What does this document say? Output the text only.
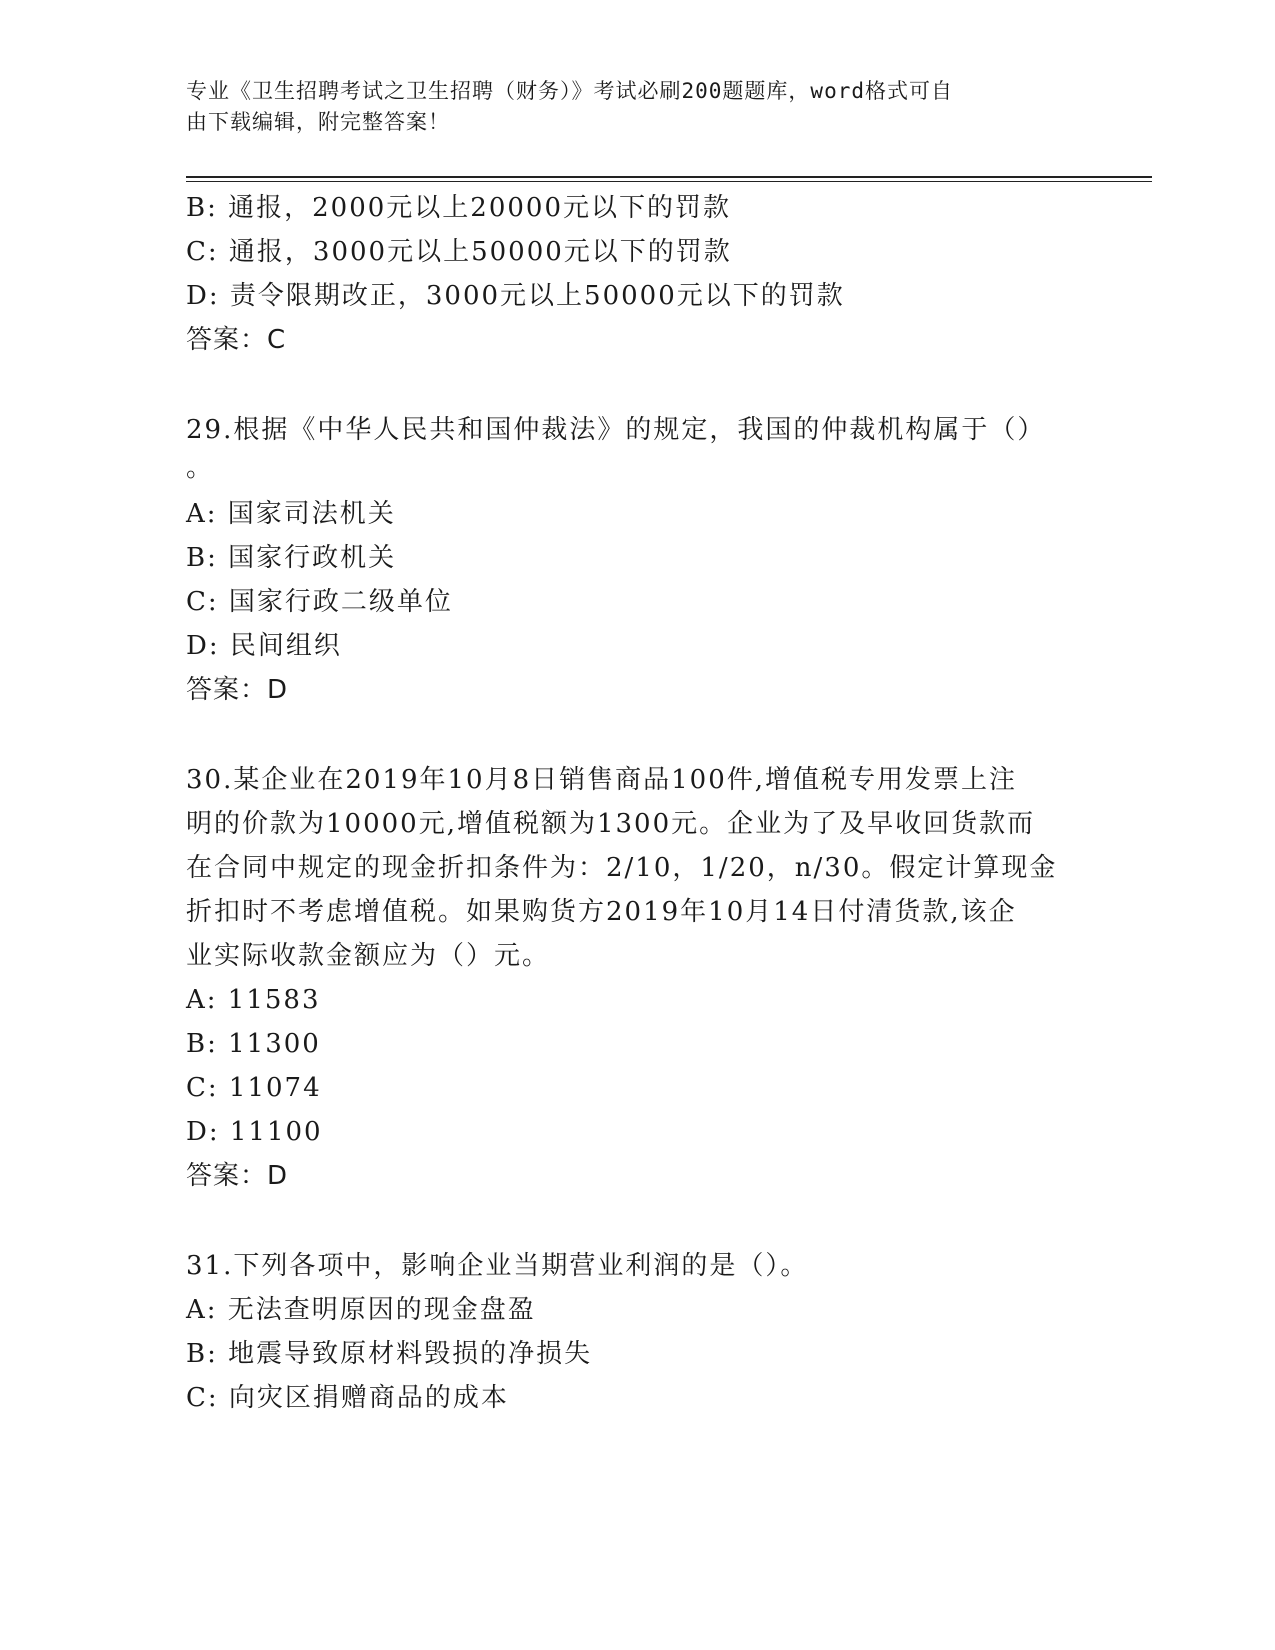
专业《卫生招聘考试之卫生招聘（财务）》考试必刷200题题库，word格式可自
由下载编辑，附完整答案！
B: 通报，2000元以上20000元以下的罚款
C: 通报，3000元以上50000元以下的罚款
D: 责令限期改正，3000元以上50000元以下的罚款
答案：C
29.根据《中华人民共和国仲裁法》的规定，我国的仲裁机构属于（）
。
A: 国家司法机关
B: 国家行政机关
C: 国家行政二级单位
D: 民间组织
答案：D
30.某企业在2019年10月8日销售商品100件,增值税专用发票上注
明的价款为10000元,增值税额为1300元。企业为了及早收回货款而
在合同中规定的现金折扣条件为：2/10，1/20，n/30。假定计算现金
折扣时不考虑增值税。如果购货方2019年10月14日付清货款,该企
业实际收款金额应为（）元。
A: 11583
B: 11300
C: 11074
D: 11100
答案：D
31.下列各项中，影响企业当期营业利润的是（）。
A: 无法查明原因的现金盘盈
B: 地震导致原材料毁损的净损失
C: 向灾区捐赠商品的成本
